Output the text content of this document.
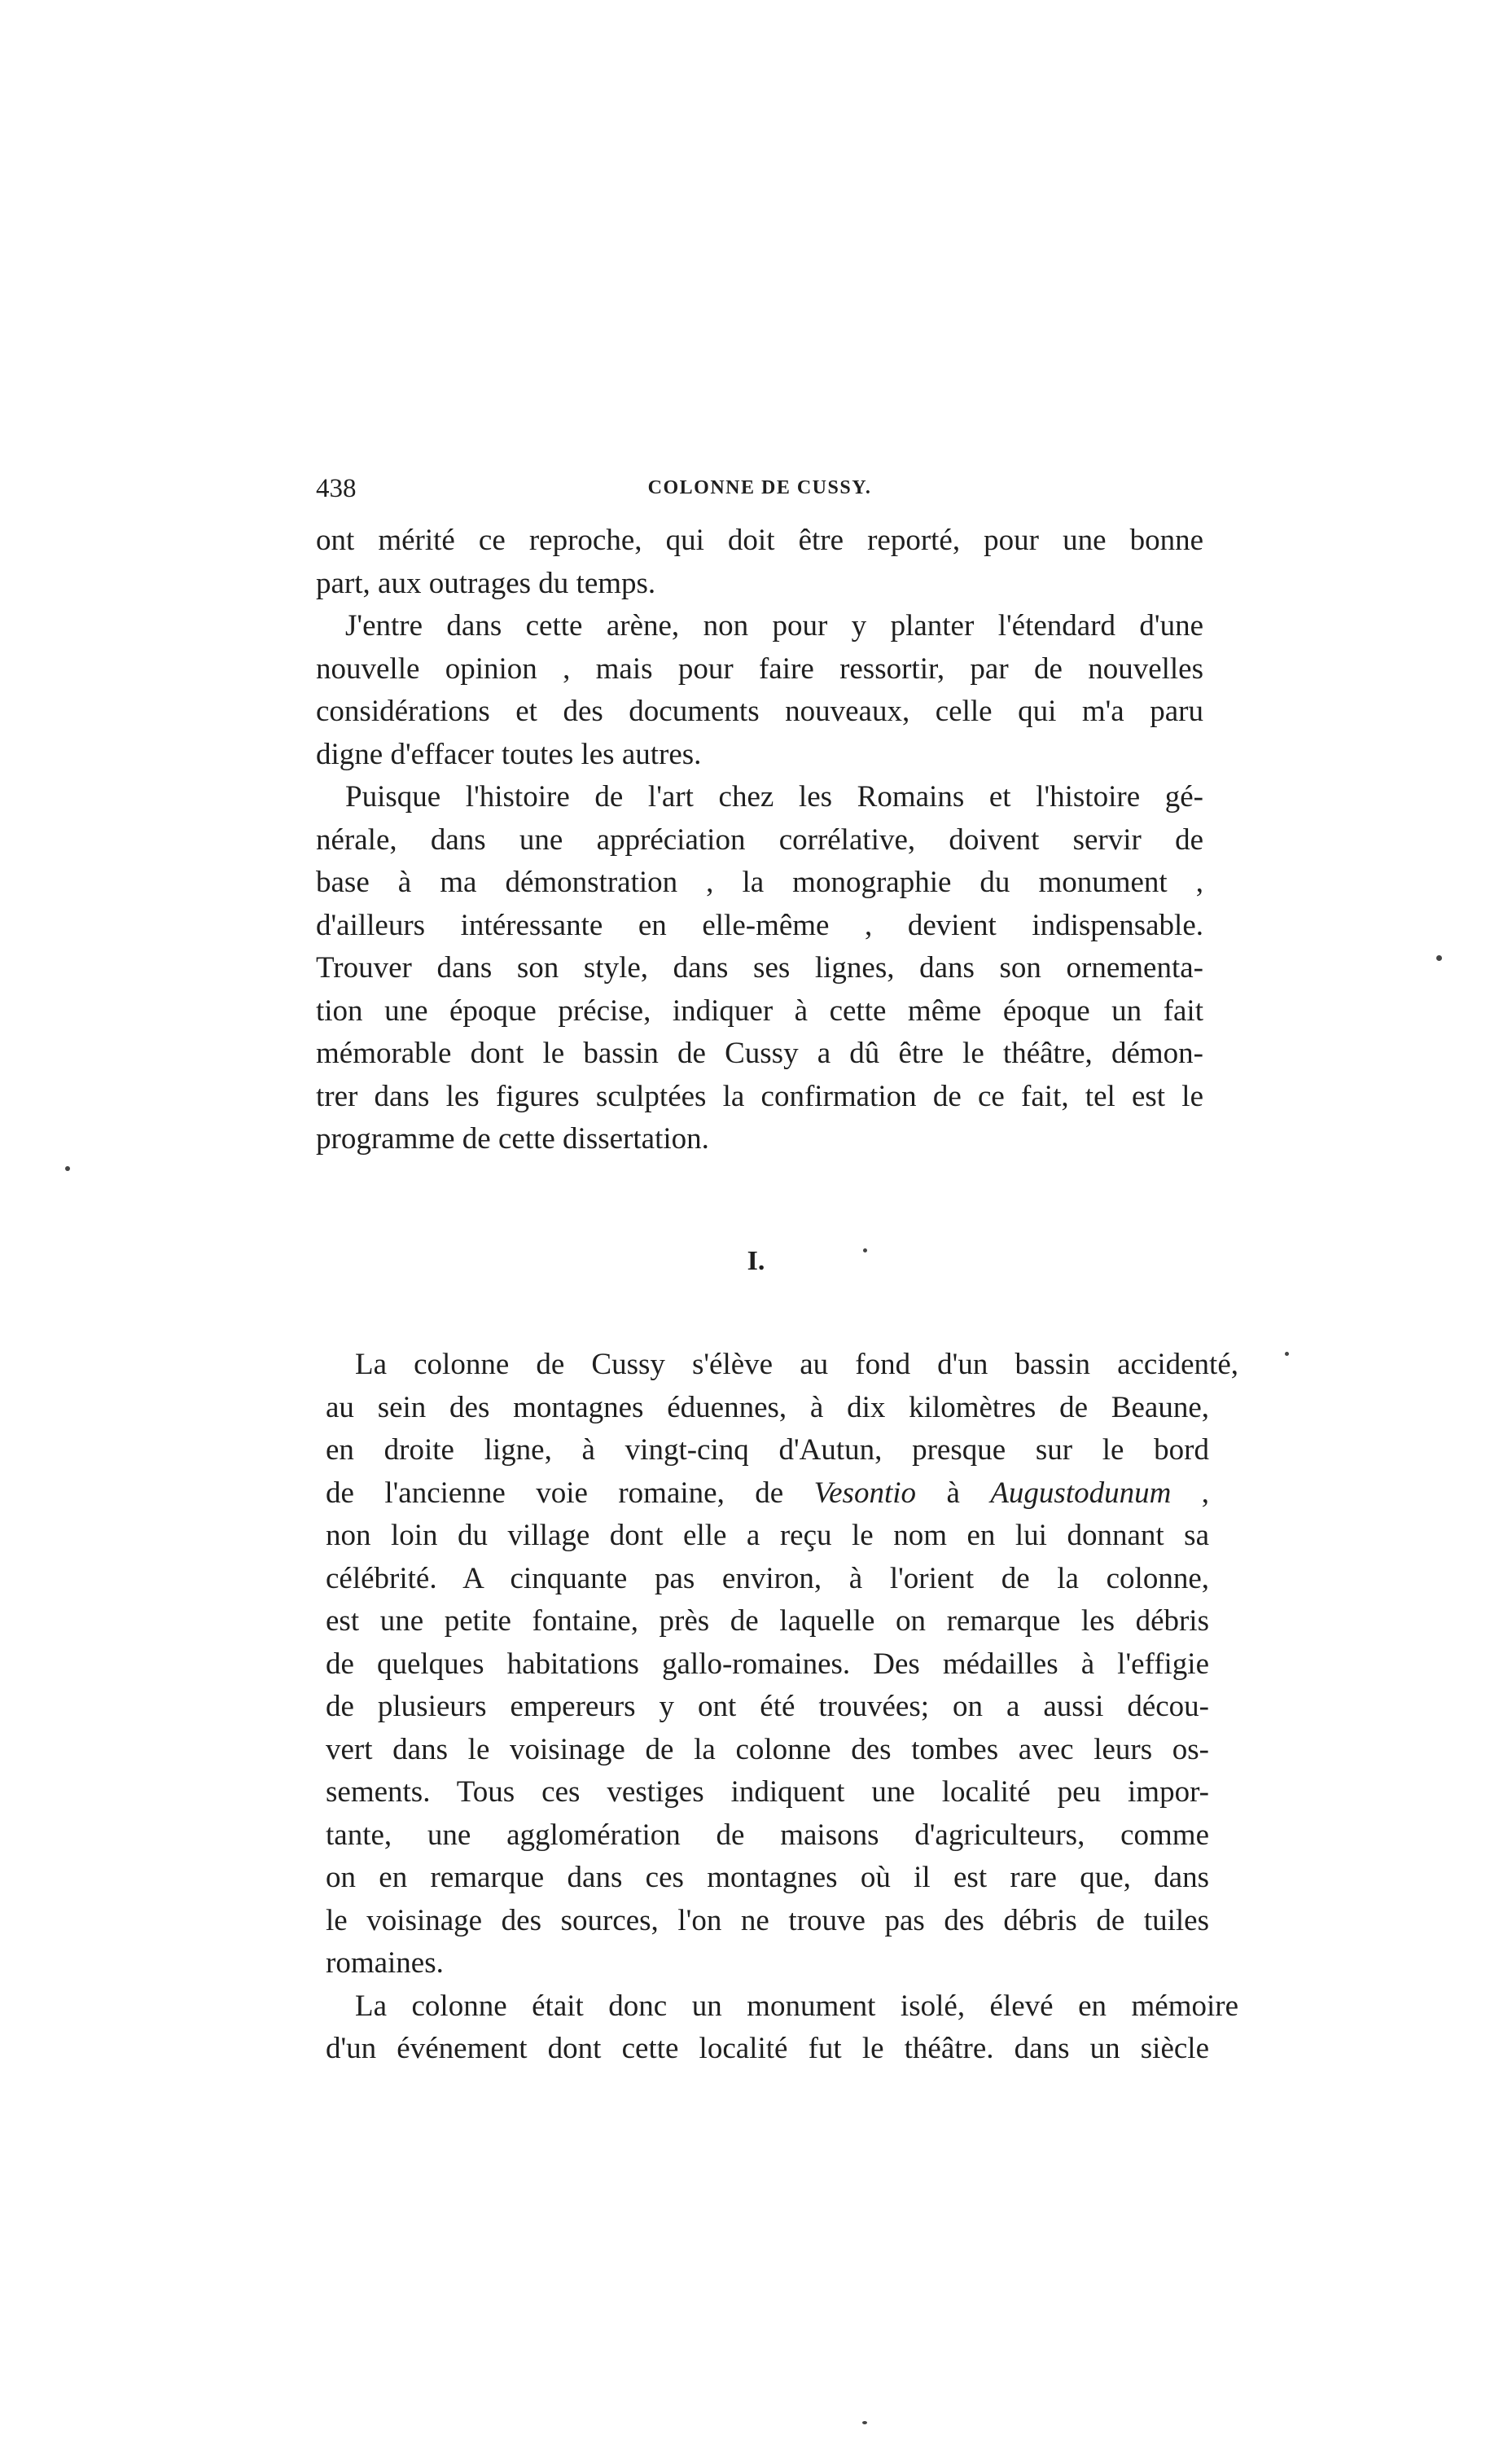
438	COLONNE DE CUSSY.
ont mérité ce reproche, qui doit être reporté, pour une bonne
part, aux outrages du temps.
J'entre dans cette arène, non pour y planter l'étendard d'une
nouvelle opinion , mais pour faire ressortir, par de nouvelles
considérations et des documents nouveaux, celle qui m'a paru
digne d'effacer toutes les autres.
Puisque l'histoire de l'art chez les Romains et l'histoire gé-
nérale, dans une appréciation corrélative, doivent servir de
base à ma démonstration , la monographie du monument ,
d'ailleurs intéressante en elle-même , devient indispensable.
Trouver dans son style, dans ses lignes, dans son ornementa-
tion une époque précise, indiquer à cette même époque un fait
mémorable dont le bassin de Cussy a dû être le théâtre, démon-
trer dans les figures sculptées la confirmation de ce fait, tel est le
programme de cette dissertation.
I.
La colonne de Cussy s'élève au fond d'un bassin accidenté,
au sein des montagnes éduennes, à dix kilomètres de Beaune,
en droite ligne, à vingt-cinq d'Autun, presque sur le bord
de l'ancienne voie romaine, de Vesontio à Augustodunum ,
non loin du village dont elle a reçu le nom en lui donnant sa
célébrité. A cinquante pas environ, à l'orient de la colonne,
est une petite fontaine, près de laquelle on remarque les débris
de quelques habitations gallo-romaines. Des médailles à l'effigie
de plusieurs empereurs y ont été trouvées; on a aussi décou-
vert dans le voisinage de la colonne des tombes avec leurs os-
sements. Tous ces vestiges indiquent une localité peu impor-
tante, une agglomération de maisons d'agriculteurs, comme
on en remarque dans ces montagnes où il est rare que, dans
le voisinage des sources, l'on ne trouve pas des débris de tuiles
romaines.
La colonne était donc un monument isolé, élevé en mémoire
d'un événement dont cette localité fut le théâtre. dans un siècle
